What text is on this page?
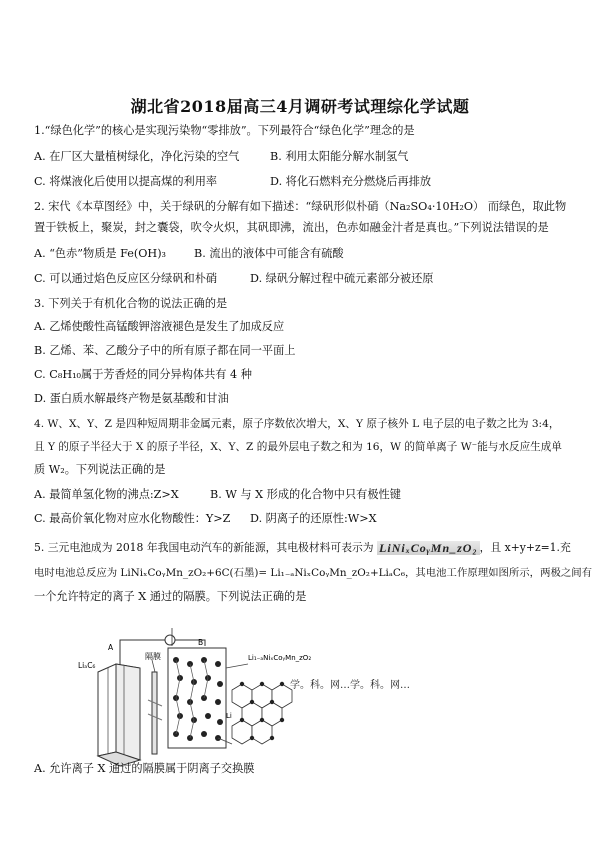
湖北省2018届高三4月调研考试理综化学试题
1.“绿色化学”的核心是实现污染物“零排放”。下列最符合“绿色化学”理念的是
A. 在厂区大量植树绿化，净化污染的空气	B. 利用太阳能分解水制氢气
C. 将煤液化后使用以提高煤的利用率	D. 将化石燃料充分燃烧后再排放
2. 宋代《本草图经》中，关于绿矾的分解有如下描述：“绿矾形似朴硝（Na₂SO₄·10H₂O） 而绿色，取此物
置于铁板上，聚炭，封之囊袋，吹令火炽，其矾即沸，流出，色赤如融金汁者是真也。”下列说法错误的是
A. “色赤”物质是 Fe(OH)₃ B. 流出的液体中可能含有硫酸
C. 可以通过焰色反应区分绿矾和朴硝	D. 绿矾分解过程中硫元素部分被还原
3. 下列关于有机化合物的说法正确的是
A. 乙烯使酸性高锰酸钾溶液褪色是发生了加成反应
B. 乙烯、苯、乙酸分子中的所有原子都在同一平面上
C. C₈H₁₀属于芳香烃的同分异构体共有 4 种
D. 蛋白质水解最终产物是氨基酸和甘油
4. W、X、Y、Z 是四种短周期非金属元素，原子序数依次增大，X、Y 原子核外 L 电子层的电子数之比为 3:4，
且 Y 的原子半径大于 X 的原子半径，X、Y、Z 的最外层电子数之和为 16，W 的简单离子 W⁻能与水反应生成单
质 W₂。下列说法正确的是
A. 最简单氢化物的沸点:Z>X	B. W 与 X 形成的化合物中只有极性键
C. 最高价氧化物对应水化物酸性：Y>Z D. 阴离子的还原性:W>X
5. 三元电池成为 2018 年我国电动汽车的新能源，其电极材料可表示为 LiNiₓCoᵧMn_zO₂ ，且 x+y+z=1.充
电时电池总反应为 LiNiₓCoᵧMn_zO₂+6C(石墨)= Li₁₋ₐNiₓCoᵧMn_zO₂+LiₐC₆，其电池工作原理如图所示，两极之间有
一个允许特定的离子 X 通过的隔膜。下列说法正确的是
隔膜
LiₐC₆
Li₁₋ₐNiₓCoᵧMn_zO₂
A
B
Li
学。科。网…学。科。网…
A. 允许离子 X 通过的隔膜属于阴离子交换膜
